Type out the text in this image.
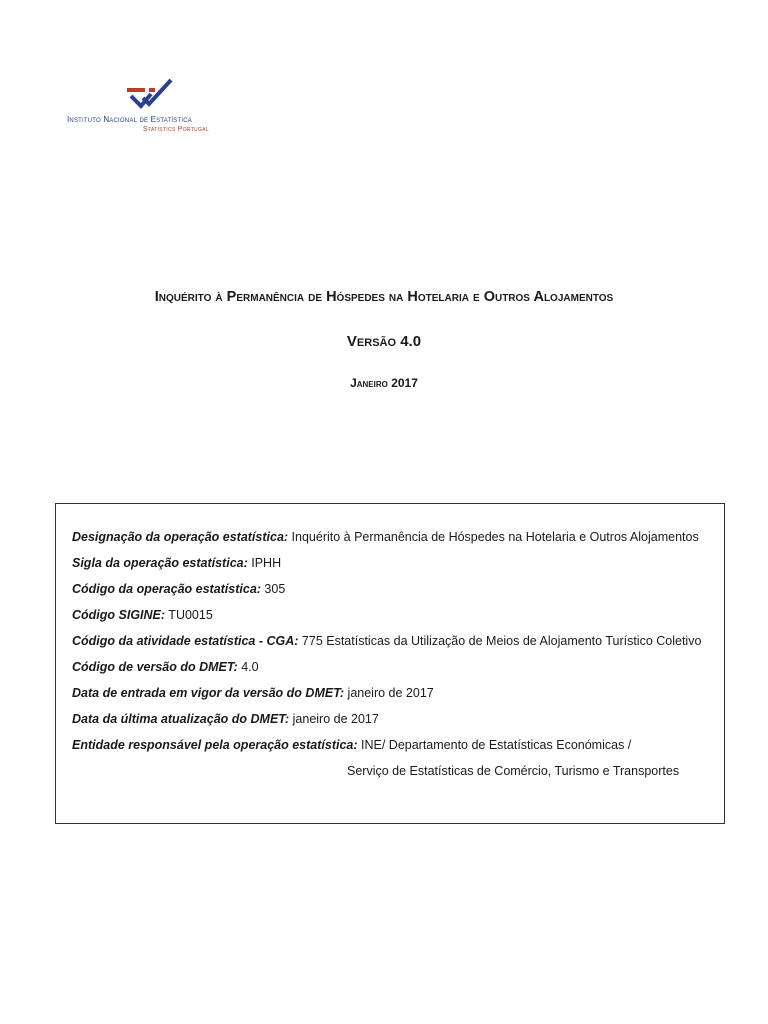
Instituto Nacional de Estatística
Statistics Portugal
Inquérito à Permanência de Hóspedes na Hotelaria e Outros Alojamentos
Versão 4.0
Janeiro 2017
Designação da operação estatística: Inquérito à Permanência de Hóspedes na Hotelaria e Outros Alojamentos
Sigla da operação estatística: IPHH
Código da operação estatística: 305
Código SIGINE: TU0015
Código da atividade estatística - CGA: 775 Estatísticas da Utilização de Meios de Alojamento Turístico Coletivo
Código de versão do DMET: 4.0
Data de entrada em vigor da versão do DMET: janeiro de 2017
Data da última atualização do DMET: janeiro de 2017
Entidade responsável pela operação estatística: INE/ Departamento de Estatísticas Económicas /
Serviço de Estatísticas de Comércio, Turismo e Transportes
